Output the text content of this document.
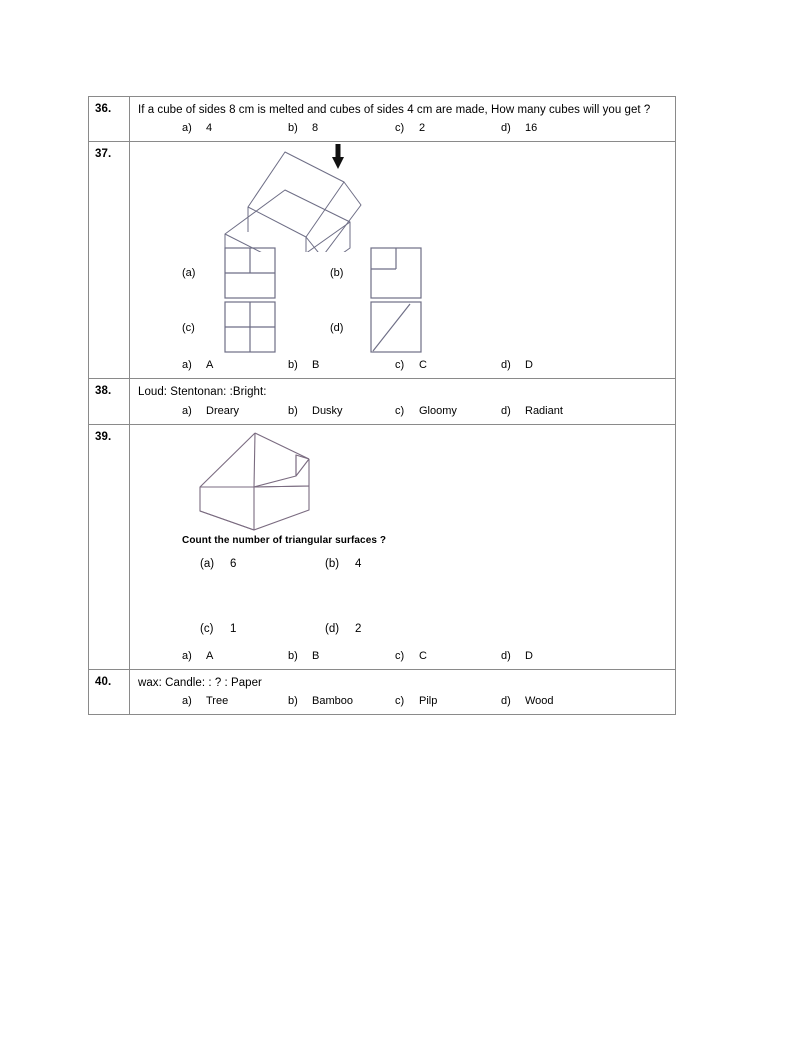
36.	If a cube of sides 8 cm is melted and cubes of sides 4 cm are made, How many cubes will you get ?
a) 4 b) 8 c) 2 d) 16

37.

(a)	(b)
(c)	(d)
a) A	b) B	c) C	d) D

38.	Loud: Stentonan: :Bright:
a) Dreary b) Dusky c) Gloomy d) Radiant

39.

Count the number of triangular surfaces ?
(a) 6	(b) 4
(c) 1	(d) 2
a) A	b) B	c) C	d) D

40.	wax: Candle: : ? : Paper
a) Tree b) Bamboo c) Pilp d) Wood
